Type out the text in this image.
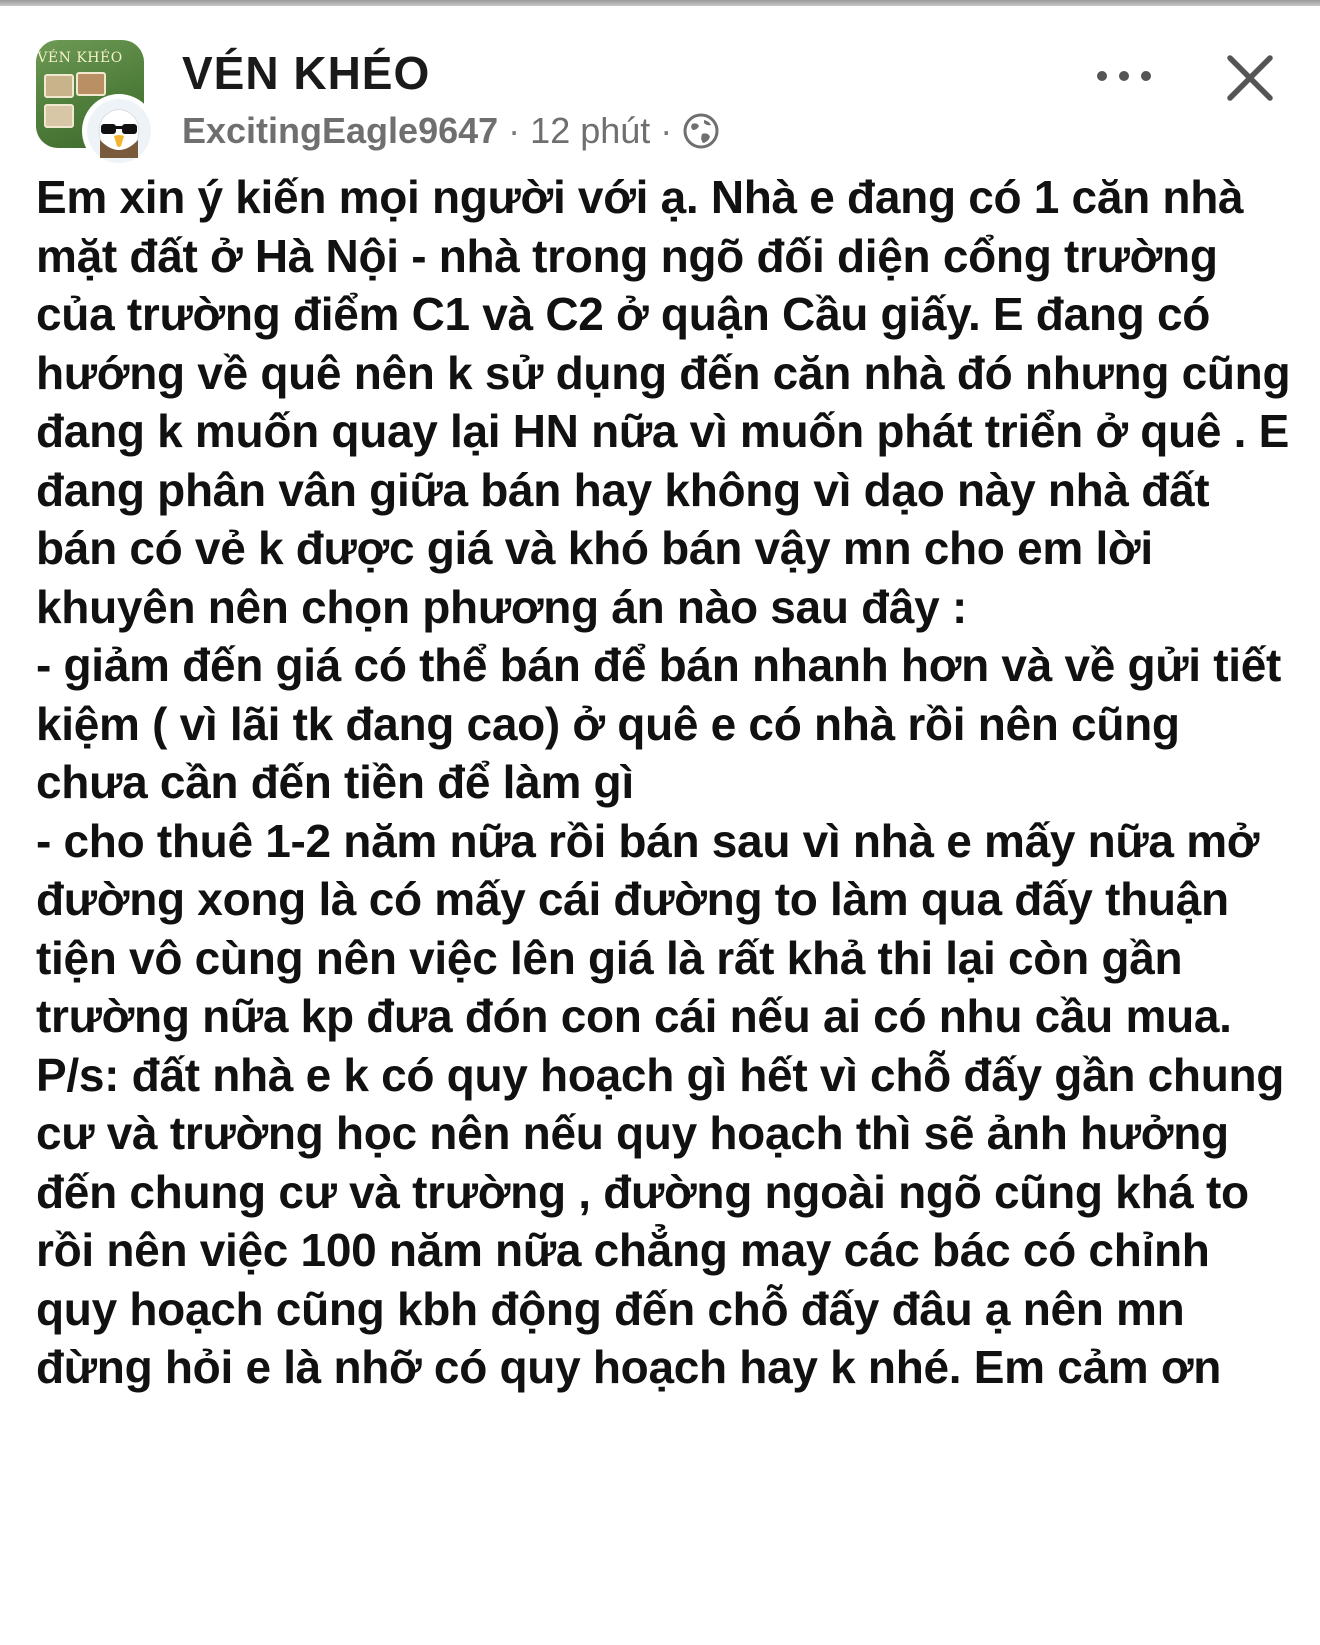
VÉN KHÉO VÉN KHÉO
ExcitingEagle9647 · 12 phút ·

Em xin ý kiến mọi người với ạ. Nhà e đang có 1 căn nhà mặt đất ở Hà Nội - nhà trong ngõ đối diện cổng trường của trường điểm C1 và C2 ở quận Cầu giấy. E đang có hướng về quê nên k sử dụng đến căn nhà đó nhưng cũng đang k muốn quay lại HN nữa vì muốn phát triển ở quê . E đang phân vân giữa bán hay không vì dạo này nhà đất bán có vẻ k được giá và khó bán vậy mn cho em lời khuyên nên chọn phương án nào sau đây :
- giảm đến giá có thể bán để bán nhanh hơn và về gửi tiết kiệm ( vì lãi tk đang cao) ở quê e có nhà rồi nên cũng chưa cần đến tiền để làm gì
- cho thuê 1-2 năm nữa rồi bán sau vì nhà e mấy nữa mở đường xong là có mấy cái đường to làm qua đấy thuận tiện vô cùng nên việc lên giá là rất khả thi lại còn gần trường nữa kp đưa đón con cái nếu ai có nhu cầu mua.
P/s: đất nhà e k có quy hoạch gì hết vì chỗ đấy gần chung cư và trường học nên nếu quy hoạch thì sẽ ảnh hưởng đến chung cư và trường , đường ngoài ngõ cũng khá to rồi nên việc 100 năm nữa chẳng may các bác có chỉnh quy hoạch cũng kbh động đến chỗ đấy đâu ạ nên mn đừng hỏi e là nhỡ có quy hoạch hay k nhé. Em cảm ơn
